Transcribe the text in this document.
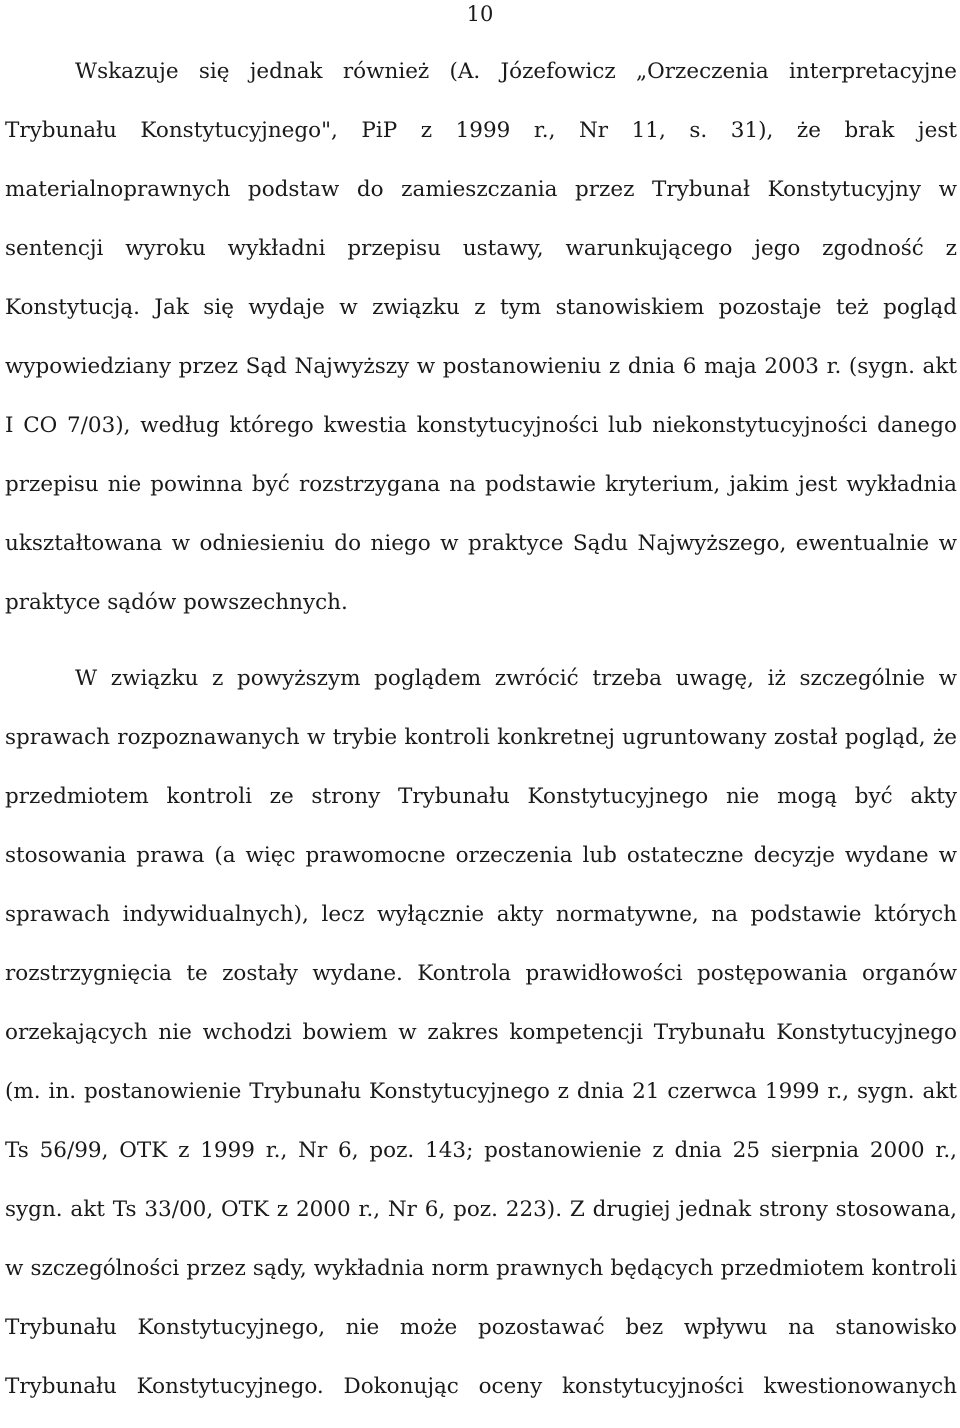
10
Wskazuje się jednak również (A. Józefowicz „Orzeczenia interpretacyjne
Trybunału Konstytucyjnego", PiP z 1999 r., Nr 11, s. 31), że brak jest
materialnoprawnych podstaw do zamieszczania przez Trybunał Konstytucyjny w
sentencji wyroku wykładni przepisu ustawy, warunkującego jego zgodność z
Konstytucją. Jak się wydaje w związku z tym stanowiskiem pozostaje też pogląd
wypowiedziany przez Sąd Najwyższy w postanowieniu z dnia 6 maja 2003 r. (sygn. akt
I CO 7/03), według którego kwestia konstytucyjności lub niekonstytucyjności danego
przepisu nie powinna być rozstrzygana na podstawie kryterium, jakim jest wykładnia
ukształtowana w odniesieniu do niego w praktyce Sądu Najwyższego, ewentualnie w
praktyce sądów powszechnych.
W związku z powyższym poglądem zwrócić trzeba uwagę, iż szczególnie w
sprawach rozpoznawanych w trybie kontroli konkretnej ugruntowany został pogląd, że
przedmiotem kontroli ze strony Trybunału Konstytucyjnego nie mogą być akty
stosowania prawa (a więc prawomocne orzeczenia lub ostateczne decyzje wydane w
sprawach indywidualnych), lecz wyłącznie akty normatywne, na podstawie których
rozstrzygnięcia te zostały wydane. Kontrola prawidłowości postępowania organów
orzekających nie wchodzi bowiem w zakres kompetencji Trybunału Konstytucyjnego
(m. in. postanowienie Trybunału Konstytucyjnego z dnia 21 czerwca 1999 r., sygn. akt
Ts 56/99, OTK z 1999 r., Nr 6, poz. 143; postanowienie z dnia 25 sierpnia 2000 r.,
sygn. akt Ts 33/00, OTK z 2000 r., Nr 6, poz. 223). Z drugiej jednak strony stosowana,
w szczególności przez sądy, wykładnia norm prawnych będących przedmiotem kontroli
Trybunału Konstytucyjnego, nie może pozostawać bez wpływu na stanowisko
Trybunału Konstytucyjnego. Dokonując oceny konstytucyjności kwestionowanych
